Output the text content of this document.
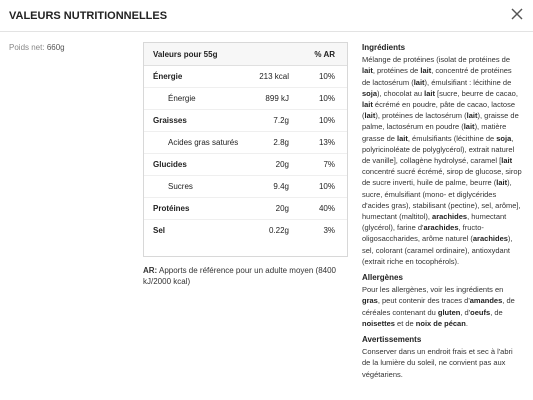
VALEURS NUTRITIONNELLES
Poids net: 660g
Valeurs pour 55g	% AR
Énergie	213 kcal	10%
Énergie	899 kJ	10%
Graisses	7.2g	10%
Acides gras saturés	2.8g	13%
Glucides	20g	7%
Sucres	9.4g	10%
Protéines	20g	40%
Sel	0.22g	3%
AR: Apports de référence pour un adulte moyen (8400 kJ/2000 kcal)
Ingrédients
Mélange de protéines (isolat de protéines de lait, protéines de lait, concentré de protéines de lactosérum (lait), émulsifiant : lécithine de soja), chocolat au lait [sucre, beurre de cacao, lait écrémé en poudre, pâte de cacao, lactose (lait), protéines de lactosérum (lait), graisse de palme, lactosérum en poudre (lait), matière grasse de lait, émulsifiants (lécithine de soja, polyricinoléate de polyglycérol), extrait naturel de vanille], collagène hydrolysé, caramel [lait concentré sucré écrémé, sirop de glucose, sirop de sucre inverti, huile de palme, beurre (lait), sucre, émulsifiant (mono- et diglycérides d'acides gras), stabilisant (pectine), sel, arôme], humectant (maltitol), arachides, humectant (glycérol), farine d'arachides, fructo-oligosaccharides, arôme naturel (arachides), sel, colorant (caramel ordinaire), antioxydant (extrait riche en tocophérols).
Allergènes
Pour les allergènes, voir les ingrédients en gras, peut contenir des traces d'amandes, de céréales contenant du gluten, d'oeufs, de noisettes et de noix de pécan.
Avertissements
Conserver dans un endroit frais et sec à l'abri de la lumière du soleil, ne convient pas aux végétariens.
